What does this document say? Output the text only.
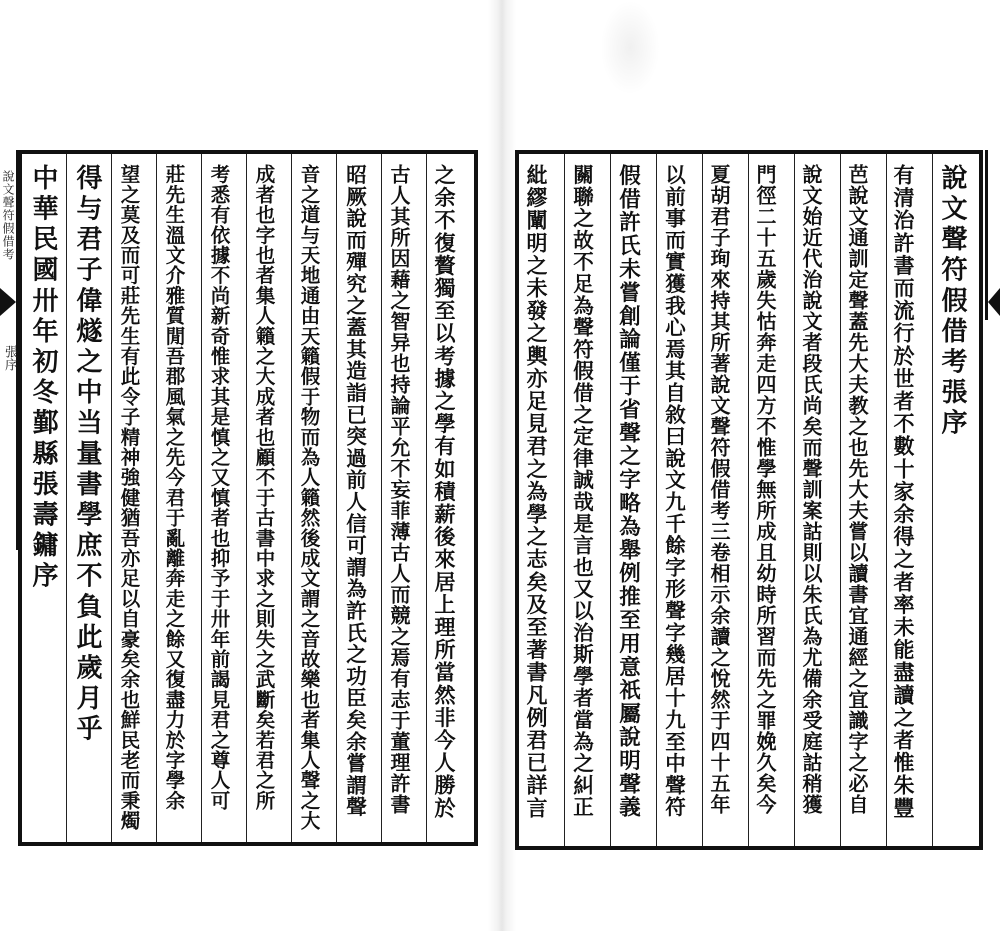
說文聲符假借考
張序	之余不復贅獨至以考據之學有如積薪後來居上理所當然非今人勝於
古人其所因藉之智异也持論平允不妄菲薄古人而競之焉有志于董理許書
昭厥說而殫究之蓋其造詣已突過前人信可謂為許氏之功臣矣余嘗謂聲
音之道与天地通由天籟假于物而為人籟然後成文謂之音故樂也者集人聲之大
成者也字也者集人籟之大成者也顧不于古書中求之則失之武斷矣若君之所
考悉有依據不尚新奇惟求其是慎之又慎者也抑予于卅年前謁見君之尊人可
莊先生溫文介雅質閒吾郡風氣之先今君于亂離奔走之餘又復盡力於字學余
望之莫及而可莊先生有此令子精神強健猶吾亦足以自豪矣余也鮮民老而秉燭
得与君子偉燧之中当量書學庶不負此歲月乎
中華民國卅年初冬鄞縣張壽鏞序	說文聲符假借考張序
有清治許書而流行於世者不數十家余得之者率未能盡讀之者惟朱豐
芭說文通訓定聲蓋先大夫教之也先大夫嘗以讀書宜通經之宜識字之必自
說文始近代治說文者段氏尚矣而聲訓案詁則以朱氏為尤備余受庭詁稍獲
門徑二十五歲失怙奔走四方不惟學無所成且幼時所習而先之罪娩久矣今
夏胡君子珣來持其所著說文聲符假借考三卷相示余讀之悅然于四十五年
以前事而實獲我心焉其自敘曰說文九千餘字形聲字幾居十九至中聲符
假借許氏未嘗創論僅于省聲之字略為舉例推至用意祇屬說明聲義
關聯之故不足為聲符假借之定律誠哉是言也又以治斯學者當為之糾正
紕繆闡明之未發之輿亦足見君之為學之志矣及至著書凡例君已詳言
